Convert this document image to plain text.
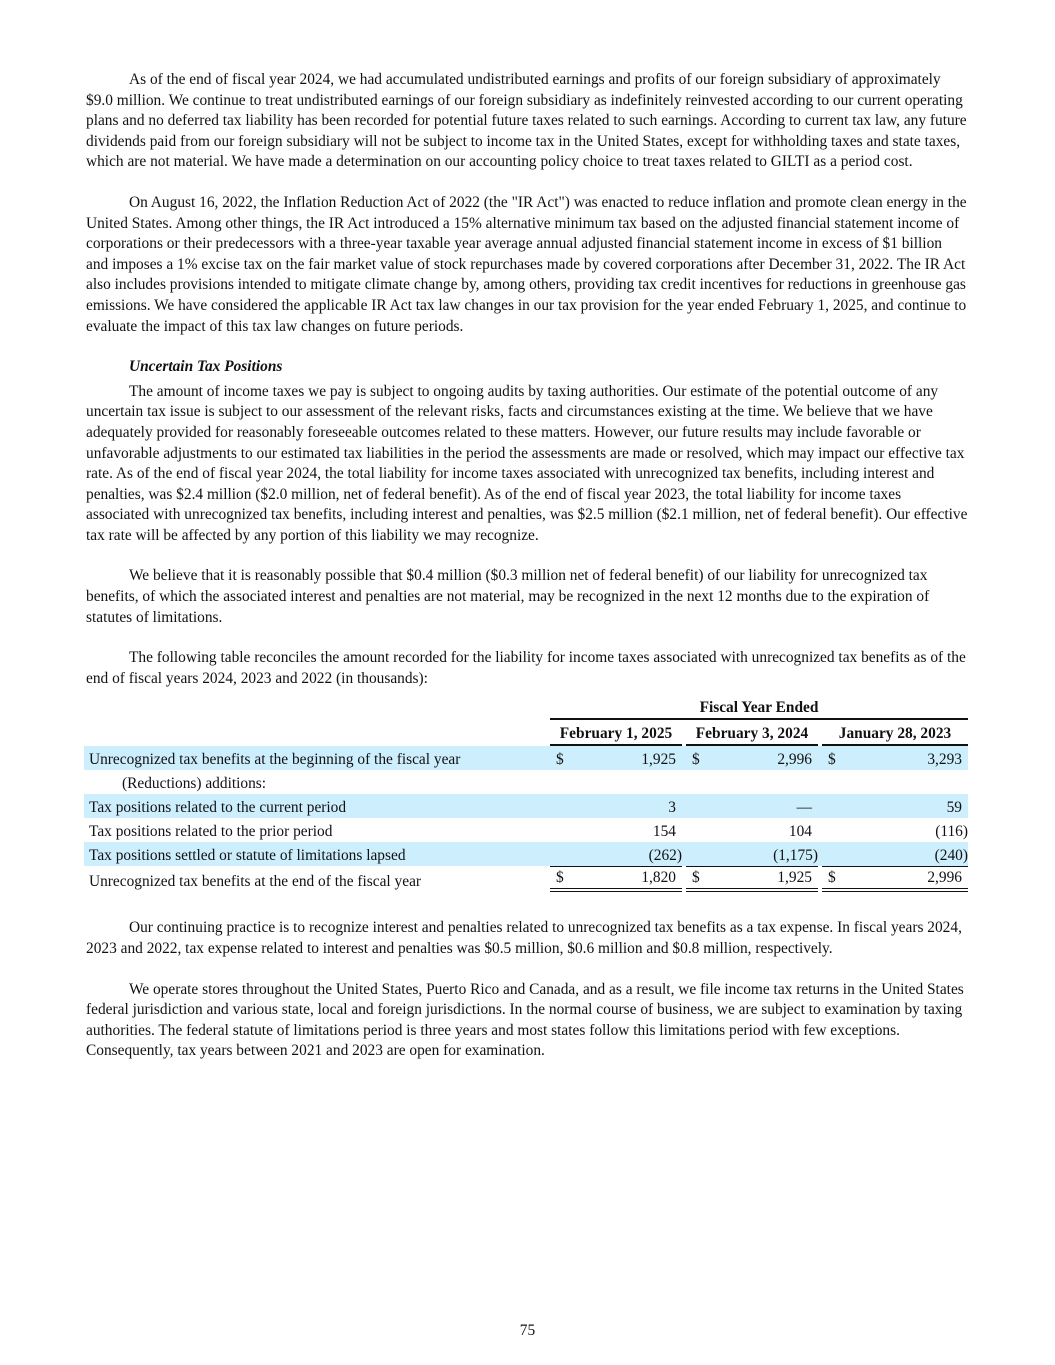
As of the end of fiscal year 2024, we had accumulated undistributed earnings and profits of our foreign subsidiary of approximately $9.0 million. We continue to treat undistributed earnings of our foreign subsidiary as indefinitely reinvested according to our current operating plans and no deferred tax liability has been recorded for potential future taxes related to such earnings. According to current tax law, any future dividends paid from our foreign subsidiary will not be subject to income tax in the United States, except for withholding taxes and state taxes, which are not material. We have made a determination on our accounting policy choice to treat taxes related to GILTI as a period cost.

On August 16, 2022, the Inflation Reduction Act of 2022 (the "IR Act") was enacted to reduce inflation and promote clean energy in the United States. Among other things, the IR Act introduced a 15% alternative minimum tax based on the adjusted financial statement income of corporations or their predecessors with a three-year taxable year average annual adjusted financial statement income in excess of $1 billion and imposes a 1% excise tax on the fair market value of stock repurchases made by covered corporations after December 31, 2022. The IR Act also includes provisions intended to mitigate climate change by, among others, providing tax credit incentives for reductions in greenhouse gas emissions. We have considered the applicable IR Act tax law changes in our tax provision for the year ended February 1, 2025, and continue to evaluate the impact of this tax law changes on future periods.

Uncertain Tax Positions

The amount of income taxes we pay is subject to ongoing audits by taxing authorities. Our estimate of the potential outcome of any uncertain tax issue is subject to our assessment of the relevant risks, facts and circumstances existing at the time. We believe that we have adequately provided for reasonably foreseeable outcomes related to these matters. However, our future results may include favorable or unfavorable adjustments to our estimated tax liabilities in the period the assessments are made or resolved, which may impact our effective tax rate. As of the end of fiscal year 2024, the total liability for income taxes associated with unrecognized tax benefits, including interest and penalties, was $2.4 million ($2.0 million, net of federal benefit). As of the end of fiscal year 2023, the total liability for income taxes associated with unrecognized tax benefits, including interest and penalties, was $2.5 million ($2.1 million, net of federal benefit). Our effective tax rate will be affected by any portion of this liability we may recognize.

We believe that it is reasonably possible that $0.4 million ($0.3 million net of federal benefit) of our liability for unrecognized tax benefits, of which the associated interest and penalties are not material, may be recognized in the next 12 months due to the expiration of statutes of limitations.

The following table reconciles the amount recorded for the liability for income taxes associated with unrecognized tax benefits as of the end of fiscal years 2024, 2023 and 2022 (in thousands):

	Fiscal Year Ended							
	February 1, 2025			February 3, 2024			January 28, 2023	
Unrecognized tax benefits at the beginning of the fiscal year	$	1,925		$	2,996		$	3,293
(Reductions) additions:								
Tax positions related to the current period		3			—			59
Tax positions related to the prior period		154			104			(116)
Tax positions settled or statute of limitations lapsed		(262)			(1,175)			(240)
Unrecognized tax benefits at the end of the fiscal year	$	1,820		$	1,925		$	2,996

Our continuing practice is to recognize interest and penalties related to unrecognized tax benefits as a tax expense. In fiscal years 2024, 2023 and 2022, tax expense related to interest and penalties was $0.5 million, $0.6 million and $0.8 million, respectively.

We operate stores throughout the United States, Puerto Rico and Canada, and as a result, we file income tax returns in the United States federal jurisdiction and various state, local and foreign jurisdictions. In the normal course of business, we are subject to examination by taxing authorities. The federal statute of limitations period is three years and most states follow this limitations period with few exceptions. Consequently, tax years between 2021 and 2023 are open for examination.

75
